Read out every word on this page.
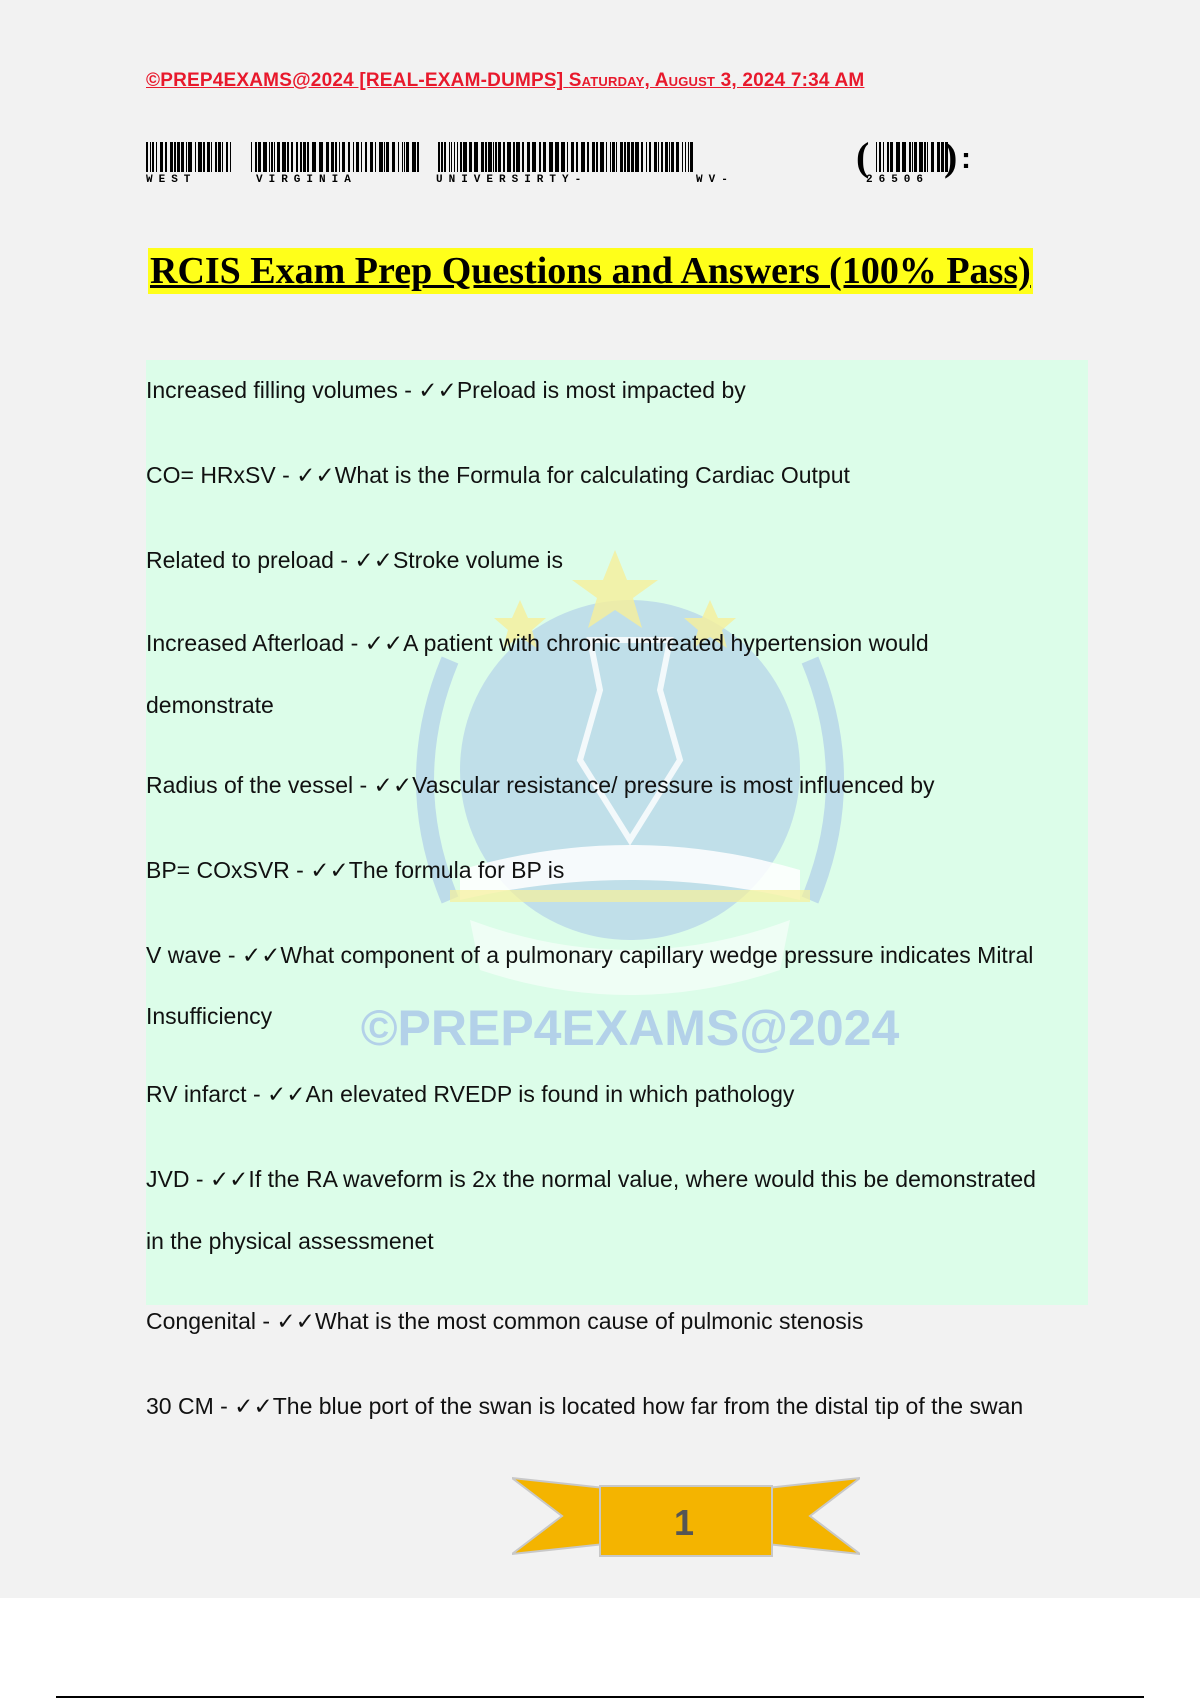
©PREP4EXAMS@2024 [REAL-EXAM-DUMPS] Saturday, August 3, 2024 7:34 AM
( ) :
WEST	VIRGINIA	UNIVERSIRTY-	WV-	26506
RCIS Exam Prep Questions and Answers (100% Pass)
©PREP4EXAMS@2024
Increased filling volumes - ✓✓Preload is most impacted by
CO= HRxSV - ✓✓What is the Formula for calculating Cardiac Output
Related to preload - ✓✓Stroke volume is
Increased Afterload - ✓✓A patient with chronic untreated hypertension would
demonstrate
Radius of the vessel - ✓✓Vascular resistance/ pressure is most influenced by
BP= COxSVR - ✓✓The formula for BP is
V wave - ✓✓What component of a pulmonary capillary wedge pressure indicates Mitral
Insufficiency
RV infarct - ✓✓An elevated RVEDP is found in which pathology
JVD - ✓✓If the RA waveform is 2x the normal value, where would this be demonstrated
in the physical assessmenet
Congenital - ✓✓What is the most common cause of pulmonic stenosis
30 CM - ✓✓The blue port of the swan is located how far from the distal tip of the swan
1
